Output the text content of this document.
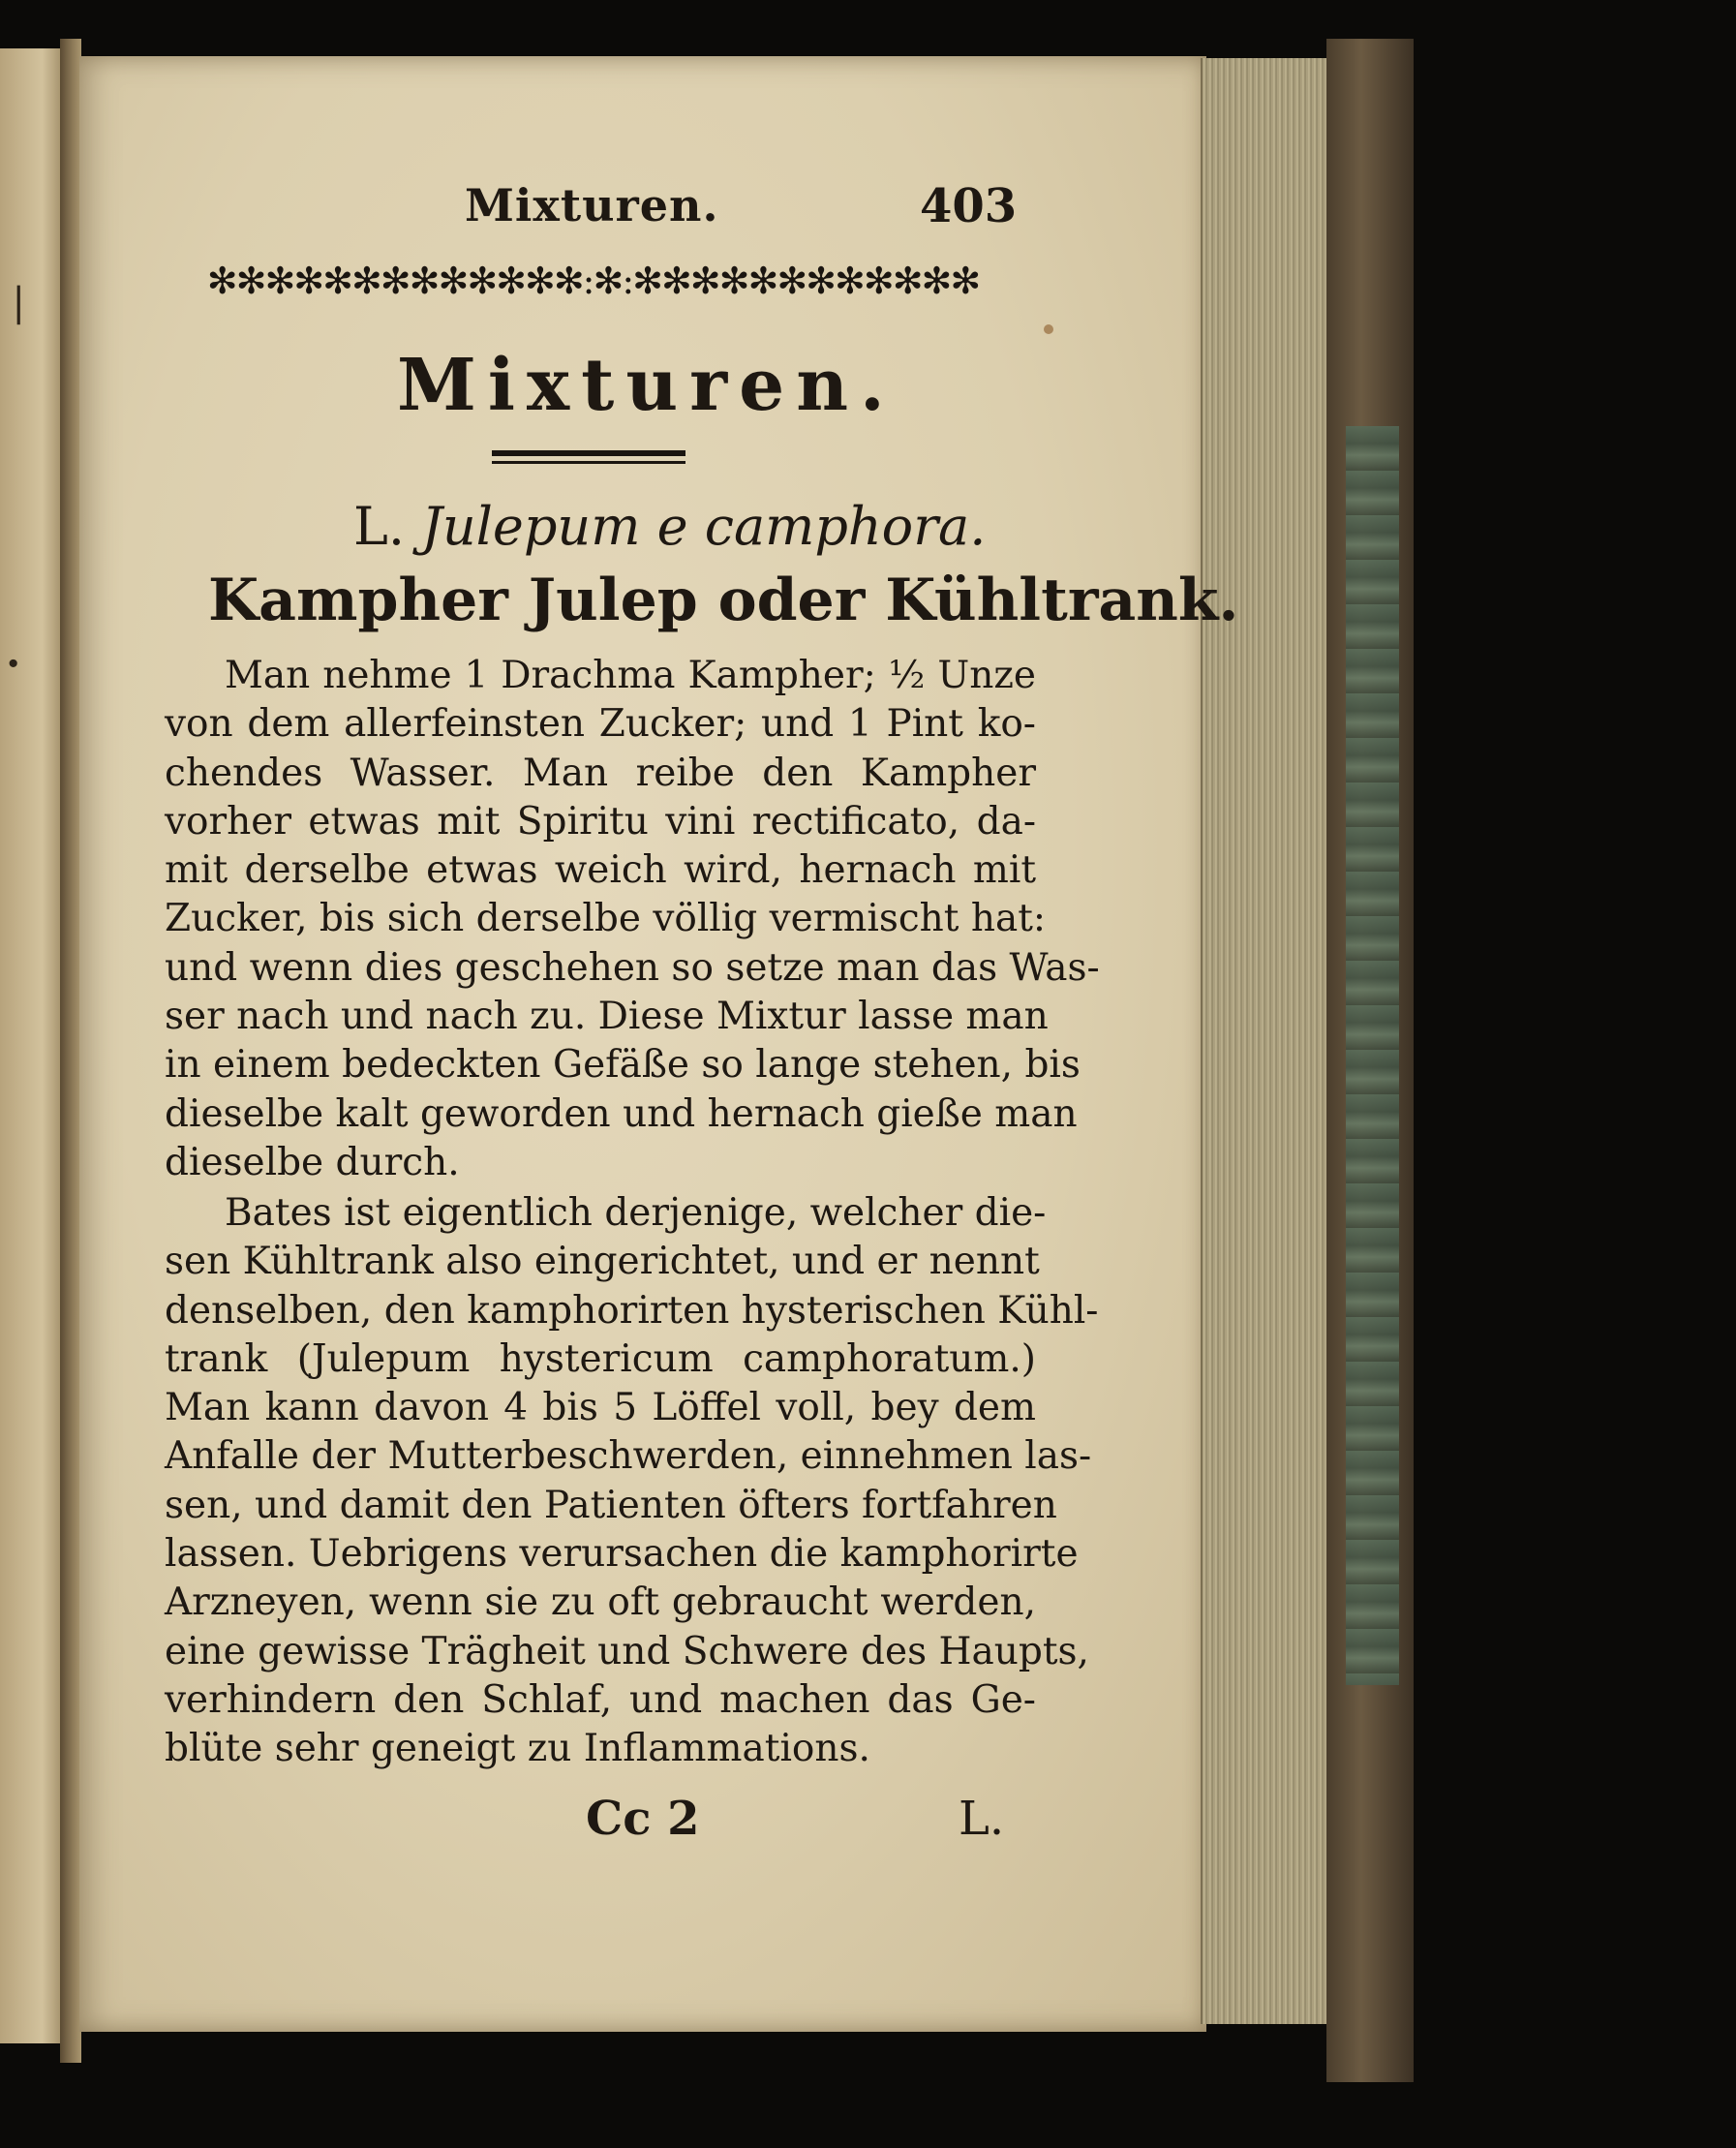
ᛁ
·
Mixturen.	403
✻✻✻✻✻✻✻✻✻✻✻✻✻:✻:✻✻✻✻✻✻✻✻✻✻✻✻
Mixturen.
L. Julepum e camphora.
Kampher Julep oder Kühltrank.
Man nehme 1 Drachma Kampher; ½ Unze
von dem allerfeinsten Zucker; und 1 Pint ko-
chendes Wasser. Man reibe den Kampher
vorher etwas mit Spiritu vini rectificato, da-
mit derselbe etwas weich wird, hernach mit
Zucker, bis sich derselbe völlig vermischt hat:
und wenn dies geschehen so setze man das Was-
ser nach und nach zu. Diese Mixtur lasse man
in einem bedeckten Gefäße so lange stehen, bis
dieselbe kalt geworden und hernach gieße man
dieselbe durch.
Bates ist eigentlich derjenige, welcher die-
sen Kühltrank also eingerichtet, und er nennt
denselben, den kamphorirten hysterischen Kühl-
trank (Julepum hystericum camphoratum.)
Man kann davon 4 bis 5 Löffel voll, bey dem
Anfalle der Mutterbeschwerden, einnehmen las-
sen, und damit den Patienten öfters fortfahren
lassen. Uebrigens verursachen die kamphorirte
Arzneyen, wenn sie zu oft gebraucht werden,
eine gewisse Trägheit und Schwere des Haupts,
verhindern den Schlaf, und machen das Ge-
blüte sehr geneigt zu Inflammations.
Cc 2	L.
